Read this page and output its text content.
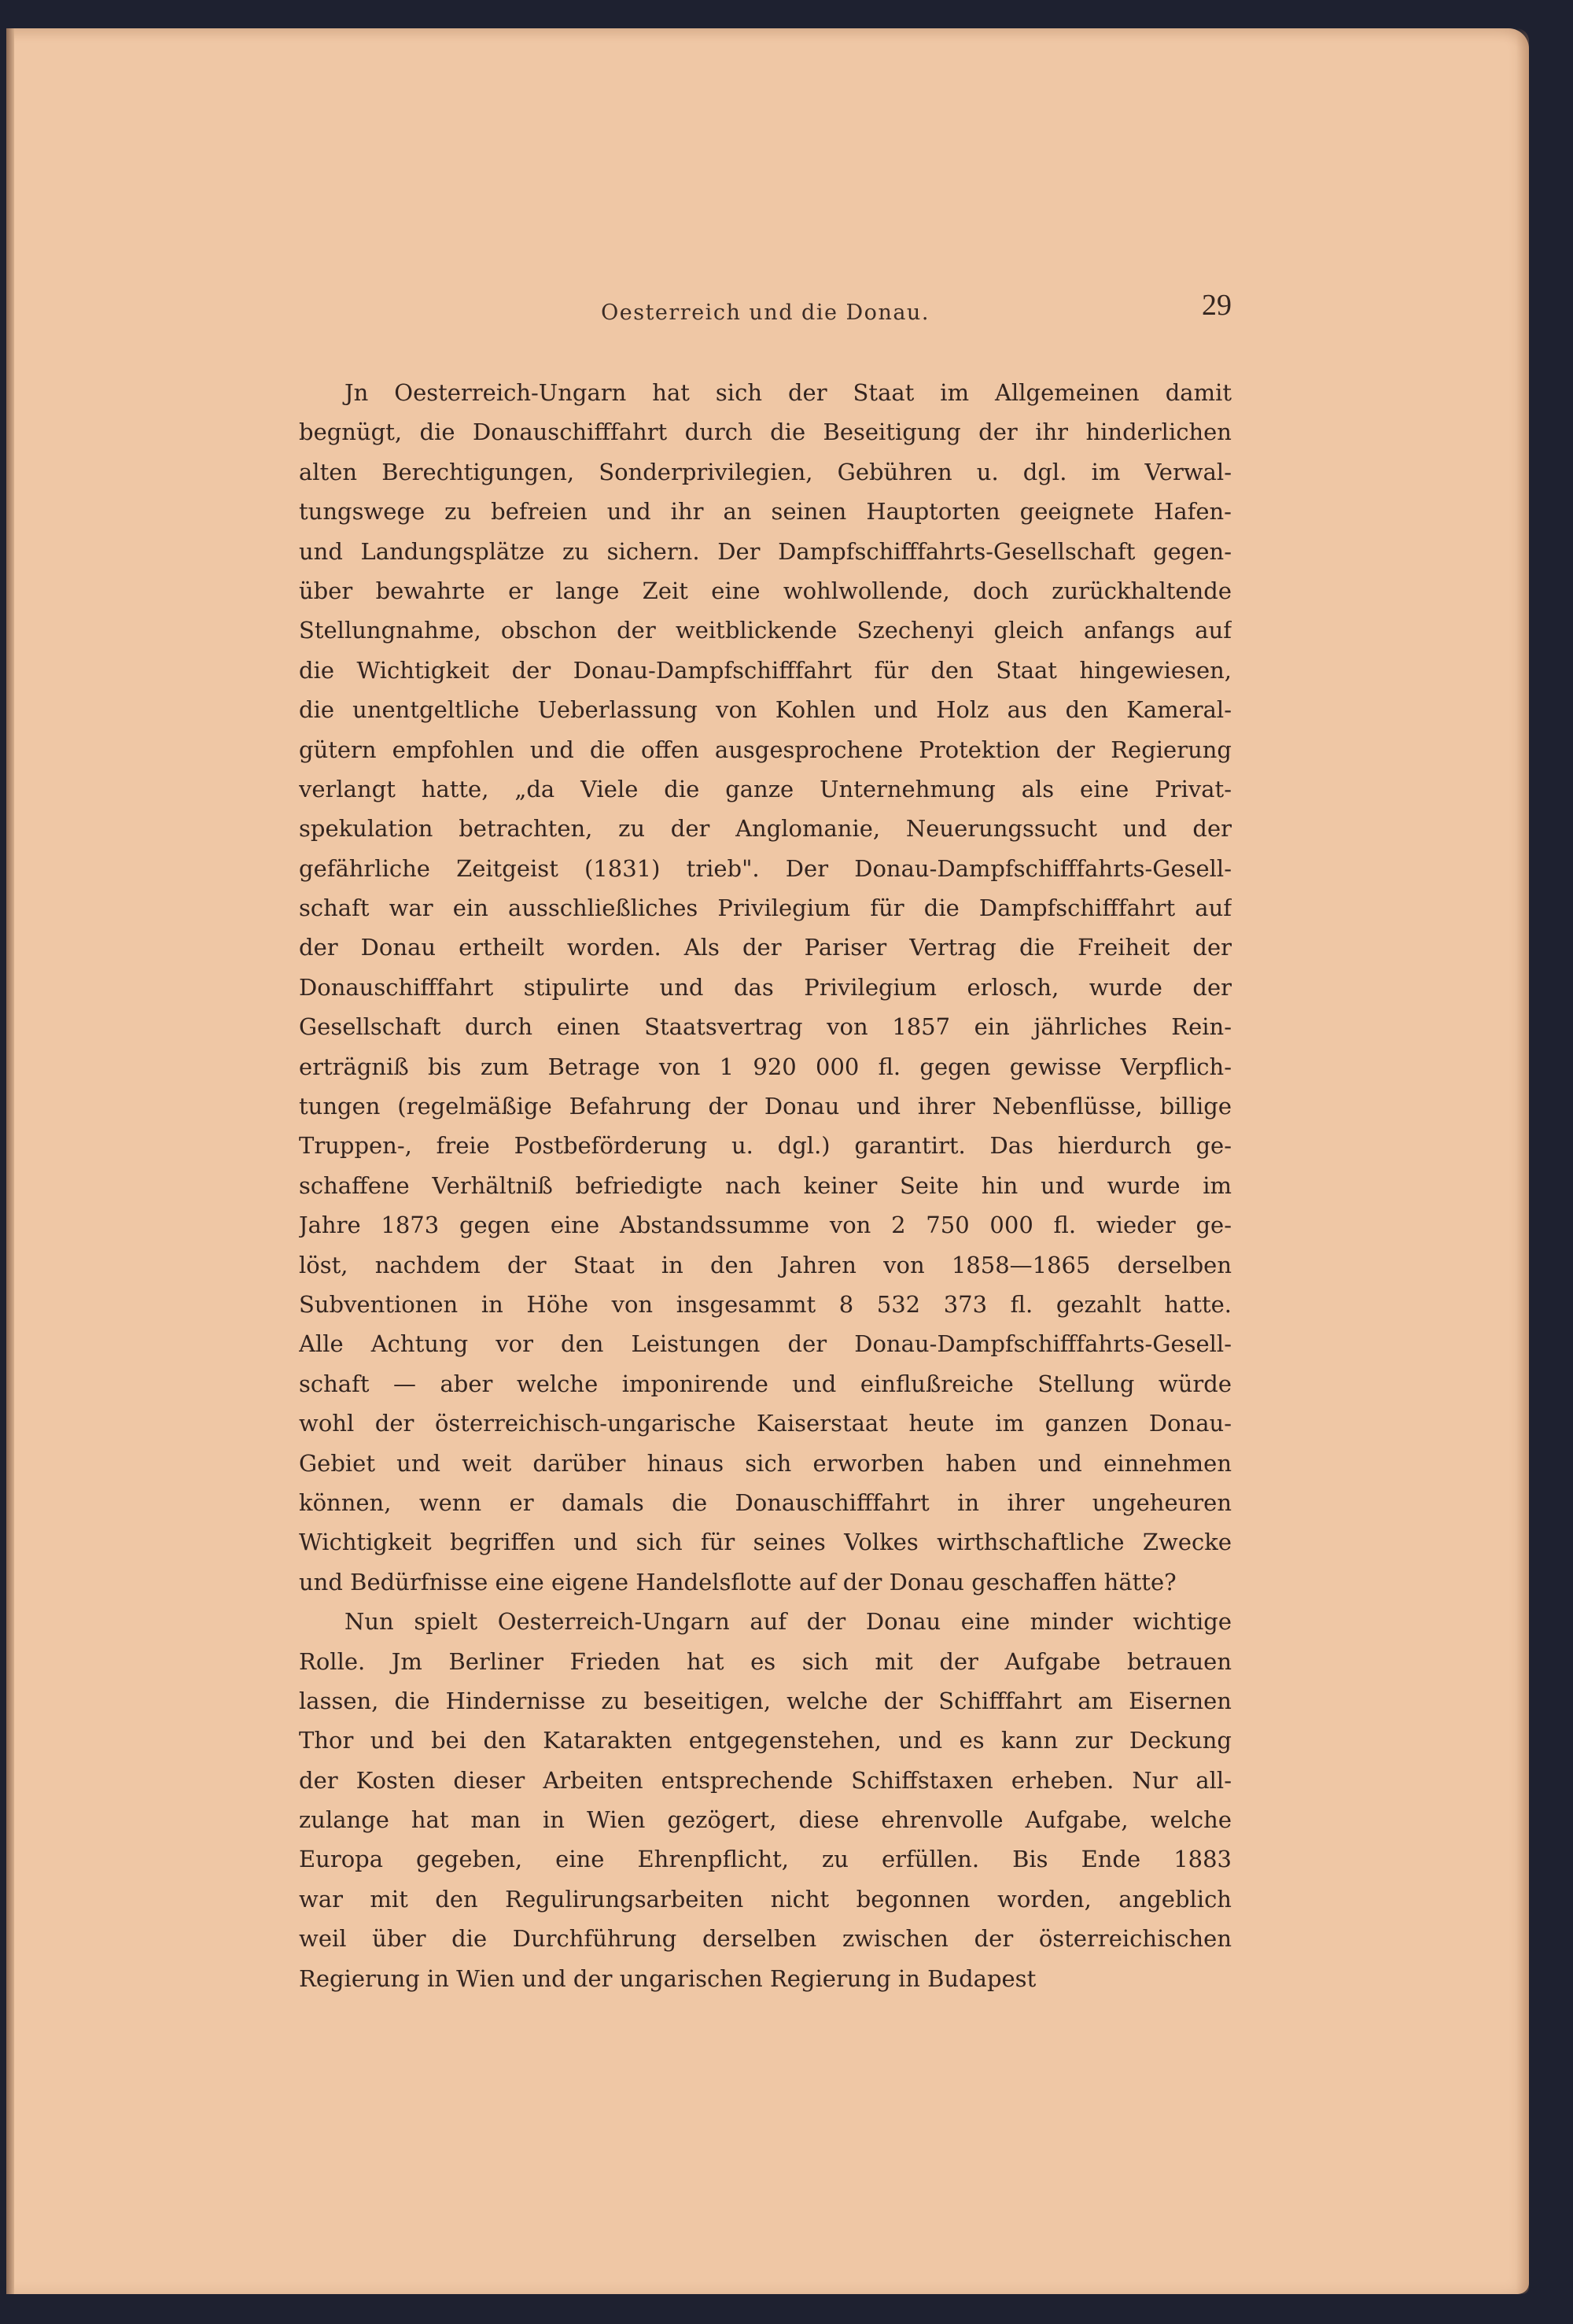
Oesterreich und die Donau.	29
Jn Oesterreich-Ungarn hat sich der Staat im Allgemeinen damit
begnügt, die Donauschifffahrt durch die Beseitigung der ihr hinderlichen
alten Berechtigungen, Sonderprivilegien, Gebühren u. dgl. im Verwal-
tungswege zu befreien und ihr an seinen Hauptorten geeignete Hafen-
und Landungsplätze zu sichern. Der Dampfschifffahrts-Gesellschaft gegen-
über bewahrte er lange Zeit eine wohlwollende, doch zurückhaltende
Stellungnahme, obschon der weitblickende Szechenyi gleich anfangs auf
die Wichtigkeit der Donau-Dampfschifffahrt für den Staat hingewiesen,
die unentgeltliche Ueberlassung von Kohlen und Holz aus den Kameral-
gütern empfohlen und die offen ausgesprochene Protektion der Regierung
verlangt hatte, „da Viele die ganze Unternehmung als eine Privat-
spekulation betrachten, zu der Anglomanie, Neuerungssucht und der
gefährliche Zeitgeist (1831) trieb". Der Donau-Dampfschifffahrts-Gesell-
schaft war ein ausschließliches Privilegium für die Dampfschifffahrt auf
der Donau ertheilt worden. Als der Pariser Vertrag die Freiheit der
Donauschifffahrt stipulirte und das Privilegium erlosch, wurde der
Gesellschaft durch einen Staatsvertrag von 1857 ein jährliches Rein-
erträgniß bis zum Betrage von 1 920 000 fl. gegen gewisse Verpflich-
tungen (regelmäßige Befahrung der Donau und ihrer Nebenflüsse, billige
Truppen-, freie Postbeförderung u. dgl.) garantirt. Das hierdurch ge-
schaffene Verhältniß befriedigte nach keiner Seite hin und wurde im
Jahre 1873 gegen eine Abstandssumme von 2 750 000 fl. wieder ge-
löst, nachdem der Staat in den Jahren von 1858—1865 derselben
Subventionen in Höhe von insgesammt 8 532 373 fl. gezahlt hatte.
Alle Achtung vor den Leistungen der Donau-Dampfschifffahrts-Gesell-
schaft — aber welche imponirende und einflußreiche Stellung würde
wohl der österreichisch-ungarische Kaiserstaat heute im ganzen Donau-
Gebiet und weit darüber hinaus sich erworben haben und einnehmen
können, wenn er damals die Donauschifffahrt in ihrer ungeheuren
Wichtigkeit begriffen und sich für seines Volkes wirthschaftliche Zwecke
und Bedürfnisse eine eigene Handelsflotte auf der Donau geschaffen hätte?
Nun spielt Oesterreich-Ungarn auf der Donau eine minder wichtige
Rolle. Jm Berliner Frieden hat es sich mit der Aufgabe betrauen
lassen, die Hindernisse zu beseitigen, welche der Schifffahrt am Eisernen
Thor und bei den Katarakten entgegenstehen, und es kann zur Deckung
der Kosten dieser Arbeiten entsprechende Schiffstaxen erheben. Nur all-
zulange hat man in Wien gezögert, diese ehrenvolle Aufgabe, welche
Europa gegeben, eine Ehrenpflicht, zu erfüllen. Bis Ende 1883
war mit den Regulirungsarbeiten nicht begonnen worden, angeblich
weil über die Durchführung derselben zwischen der österreichischen
Regierung in Wien und der ungarischen Regierung in Budapest
